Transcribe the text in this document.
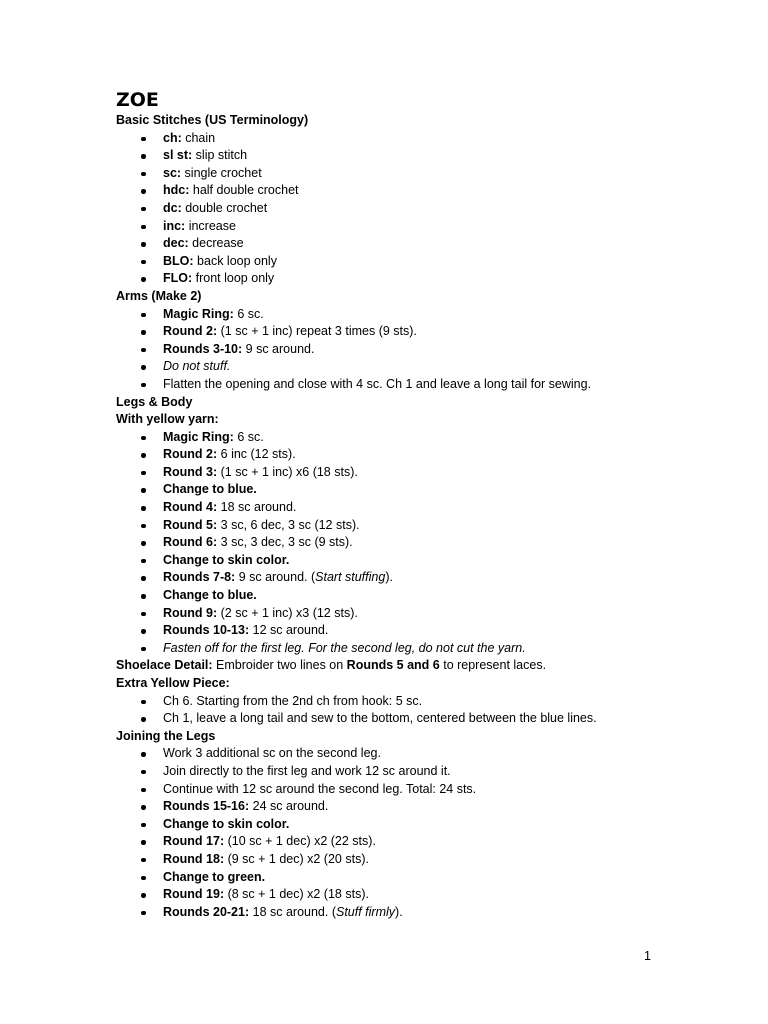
ZOE
Basic Stitches (US Terminology)
ch: chain
sl st: slip stitch
sc: single crochet
hdc: half double crochet
dc: double crochet
inc: increase
dec: decrease
BLO: back loop only
FLO: front loop only
Arms (Make 2)
Magic Ring: 6 sc.
Round 2: (1 sc + 1 inc) repeat 3 times (9 sts).
Rounds 3-10: 9 sc around.
Do not stuff.
Flatten the opening and close with 4 sc. Ch 1 and leave a long tail for sewing.
Legs & Body
With yellow yarn:
Magic Ring: 6 sc.
Round 2: 6 inc (12 sts).
Round 3: (1 sc + 1 inc) x6 (18 sts).
Change to blue.
Round 4: 18 sc around.
Round 5: 3 sc, 6 dec, 3 sc (12 sts).
Round 6: 3 sc, 3 dec, 3 sc (9 sts).
Change to skin color.
Rounds 7-8: 9 sc around. (Start stuffing).
Change to blue.
Round 9: (2 sc + 1 inc) x3 (12 sts).
Rounds 10-13: 12 sc around.
Fasten off for the first leg. For the second leg, do not cut the yarn.
Shoelace Detail: Embroider two lines on Rounds 5 and 6 to represent laces.
Extra Yellow Piece:
Ch 6. Starting from the 2nd ch from hook: 5 sc.
Ch 1, leave a long tail and sew to the bottom, centered between the blue lines.
Joining the Legs
Work 3 additional sc on the second leg.
Join directly to the first leg and work 12 sc around it.
Continue with 12 sc around the second leg. Total: 24 sts.
Rounds 15-16: 24 sc around.
Change to skin color.
Round 17: (10 sc + 1 dec) x2 (22 sts).
Round 18: (9 sc + 1 dec) x2 (20 sts).
Change to green.
Round 19: (8 sc + 1 dec) x2 (18 sts).
Rounds 20-21: 18 sc around. (Stuff firmly).
1
